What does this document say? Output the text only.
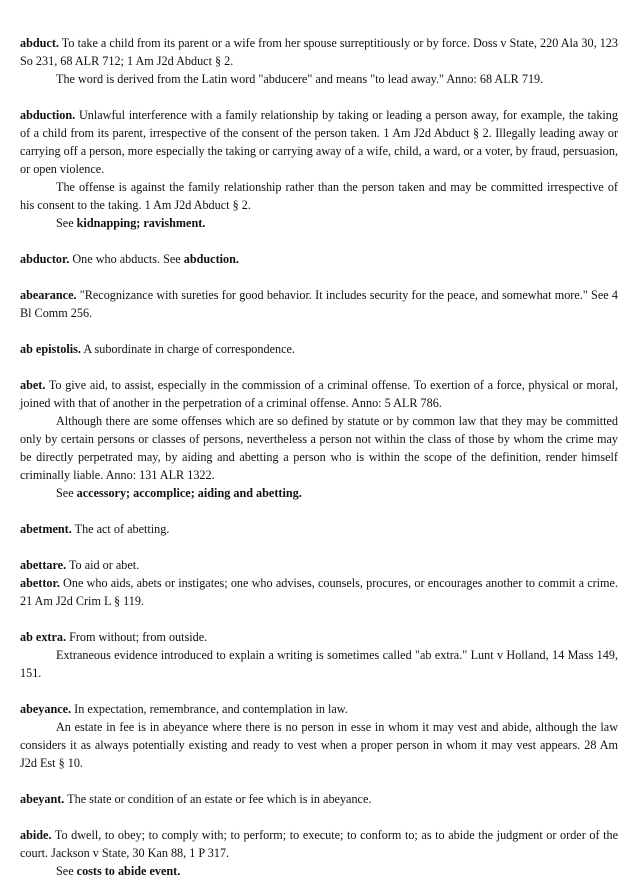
abduct. To take a child from its parent or a wife from her spouse surreptitiously or by force. Doss v State, 220 Ala 30, 123 So 231, 68 ALR 712; 1 Am J2d Abduct § 2.

The word is derived from the Latin word "abducere" and means "to lead away." Anno: 68 ALR 719.

abduction. Unlawful interference with a family relationship by taking or leading a person away, for example, the taking of a child from its parent, irrespective of the consent of the person taken. 1 Am J2d Abduct § 2. Illegally leading away or carrying off a person, more especially the taking or carrying away of a wife, child, a ward, or a voter, by fraud, persuasion, or open violence.

The offense is against the family relationship rather than the person taken and may be committed irrespective of his consent to the taking. 1 Am J2d Abduct § 2.

See kidnapping; ravishment.

abductor. One who abducts. See abduction.

abearance. "Recognizance with sureties for good behavior. It includes security for the peace, and somewhat more." See 4 Bl Comm 256.

ab epistolis. A subordinate in charge of correspondence.

abet. To give aid, to assist, especially in the commission of a criminal offense. To exertion of a force, physical or moral, joined with that of another in the perpetration of a criminal offense. Anno: 5 ALR 786.

Although there are some offenses which are so defined by statute or by common law that they may be committed only by certain persons or classes of persons, nevertheless a person not within the class of those by whom the crime may be directly perpetrated may, by aiding and abetting a person who is within the scope of the definition, render himself criminally liable. Anno: 131 ALR 1322.

See accessory; accomplice; aiding and abetting.

abetment. The act of abetting.

abettare. To aid or abet.

abettor. One who aids, abets or instigates; one who advises, counsels, procures, or encourages another to commit a crime. 21 Am J2d Crim L § 119.

ab extra. From without; from outside.

Extraneous evidence introduced to explain a writing is sometimes called "ab extra." Lunt v Holland, 14 Mass 149, 151.

abeyance. In expectation, remembrance, and contemplation in law.

An estate in fee is in abeyance where there is no person in esse in whom it may vest and abide, although the law considers it as always potentially existing and ready to vest when a proper person in whom it may vest appears. 28 Am J2d Est § 10.

abeyant. The state or condition of an estate or fee which is in abeyance.

abide. To dwell, to obey; to comply with; to perform; to execute; to conform to; as to abide the judgment or order of the court. Jackson v State, 30 Kan 88, 1 P 317.

See costs to abide event.
